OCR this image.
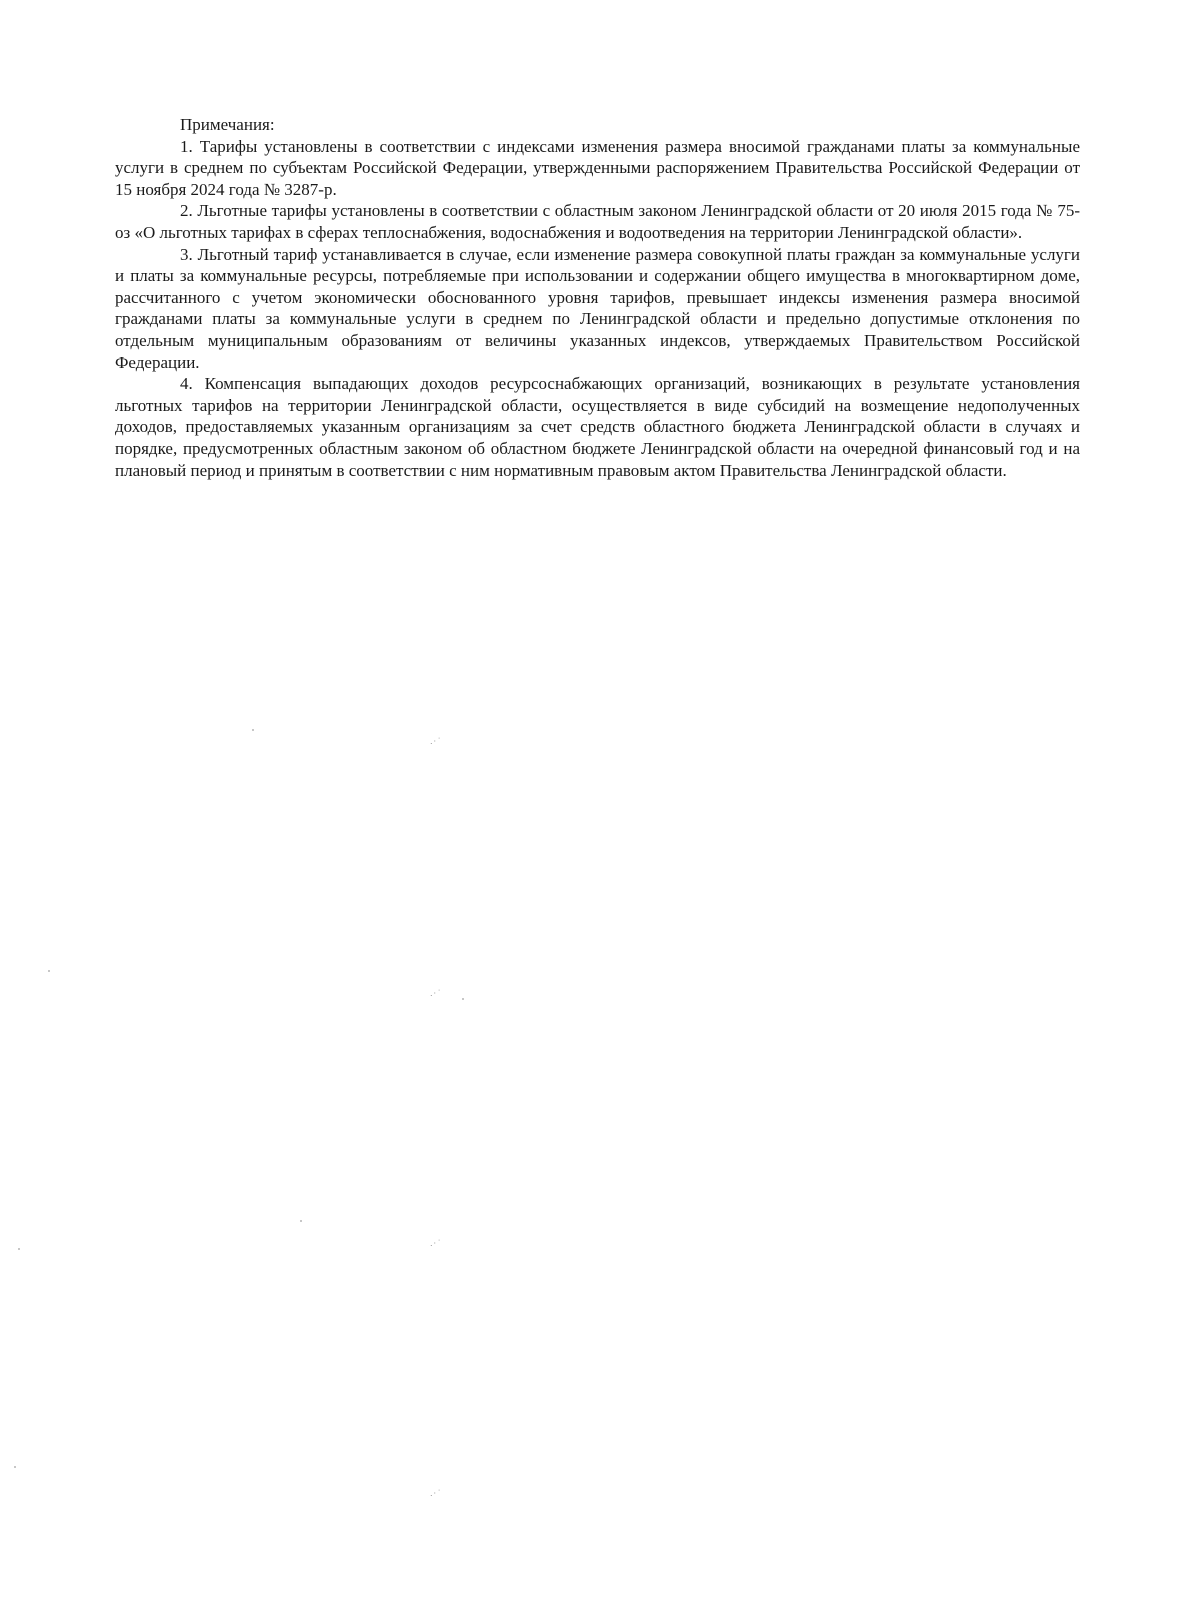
Примечания:

1. Тарифы установлены в соответствии с индексами изменения размера вносимой гражданами платы за коммунальные услуги в среднем по субъектам Российской Федерации, утвержденными распоряжением Правительства Российской Федерации от 15 ноября 2024 года № 3287-р.

2. Льготные тарифы установлены в соответствии с областным законом Ленинградской области от 20 июля 2015 года № 75-оз «О льготных тарифах в сферах теплоснабжения, водоснабжения и водоотведения на территории Ленинградской области».

3. Льготный тариф устанавливается в случае, если изменение размера совокупной платы граждан за коммунальные услуги и платы за коммунальные ресурсы, потребляемые при использовании и содержании общего имущества в многоквартирном доме, рассчитанного с учетом экономически обоснованного уровня тарифов, превышает индексы изменения размера вносимой гражданами платы за коммунальные услуги в среднем по Ленинградской области и предельно допустимые отклонения по отдельным муниципальным образованиям от величины указанных индексов, утверждаемых Правительством Российской Федерации.

4. Компенсация выпадающих доходов ресурсоснабжающих организаций, возникающих в результате установления льготных тарифов на территории Ленинградской области, осуществляется в виде субсидий на возмещение недополученных доходов, предоставляемых указанным организациям за счет средств областного бюджета Ленинградской области в случаях и порядке, предусмотренных областным законом об областном бюджете Ленинградской области на очередной финансовый год и на плановый период и принятым в соответствии с ним нормативным правовым актом Правительства Ленинградской области.

.·˙
.·˙
.·˙
.·˙
